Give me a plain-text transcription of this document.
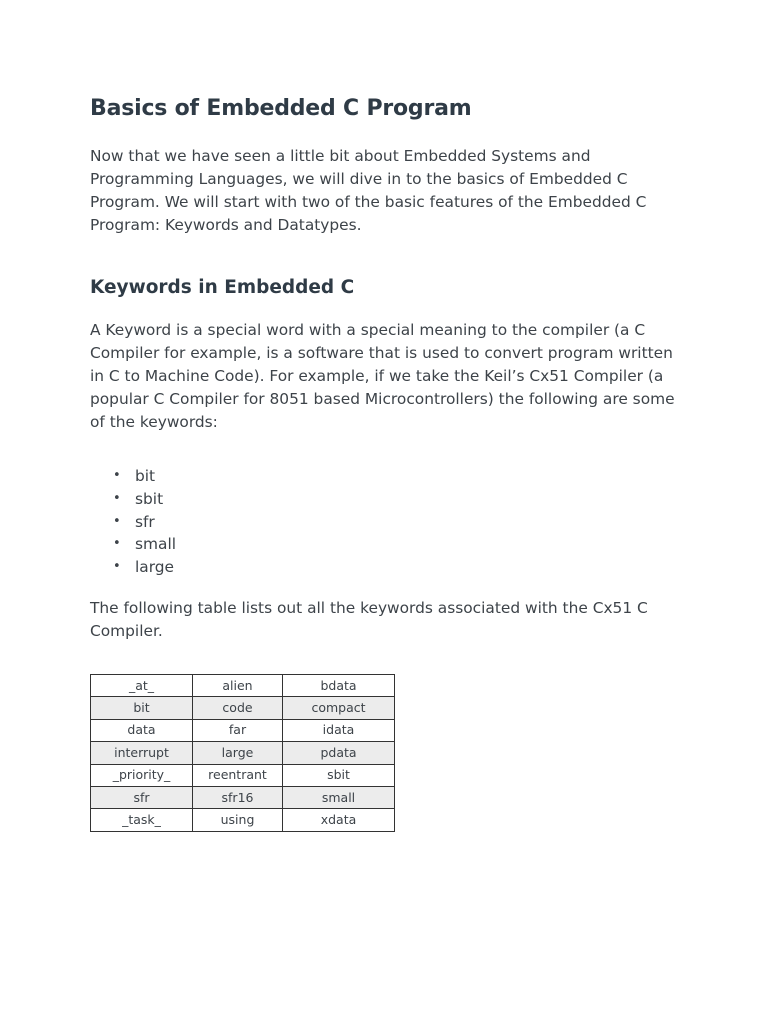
Basics of Embedded C Program

Now that we have seen a little bit about Embedded Systems and Programming Languages, we will dive in to the basics of Embedded C Program. We will start with two of the basic features of the Embedded C Program: Keywords and Datatypes.

Keywords in Embedded C

A Keyword is a special word with a special meaning to the compiler (a C Compiler for example, is a software that is used to convert program written in C to Machine Code). For example, if we take the Keil’s Cx51 Compiler (a popular C Compiler for 8051 based Microcontrollers) the following are some of the keywords:

• bit
• sbit
• sfr
• small
• large

The following table lists out all the keywords associated with the Cx51 C Compiler.

_at_	alien	bdata
bit	code	compact
data	far	idata
interrupt	large	pdata
_priority_	reentrant	sbit
sfr	sfr16	small
_task_	using	xdata
